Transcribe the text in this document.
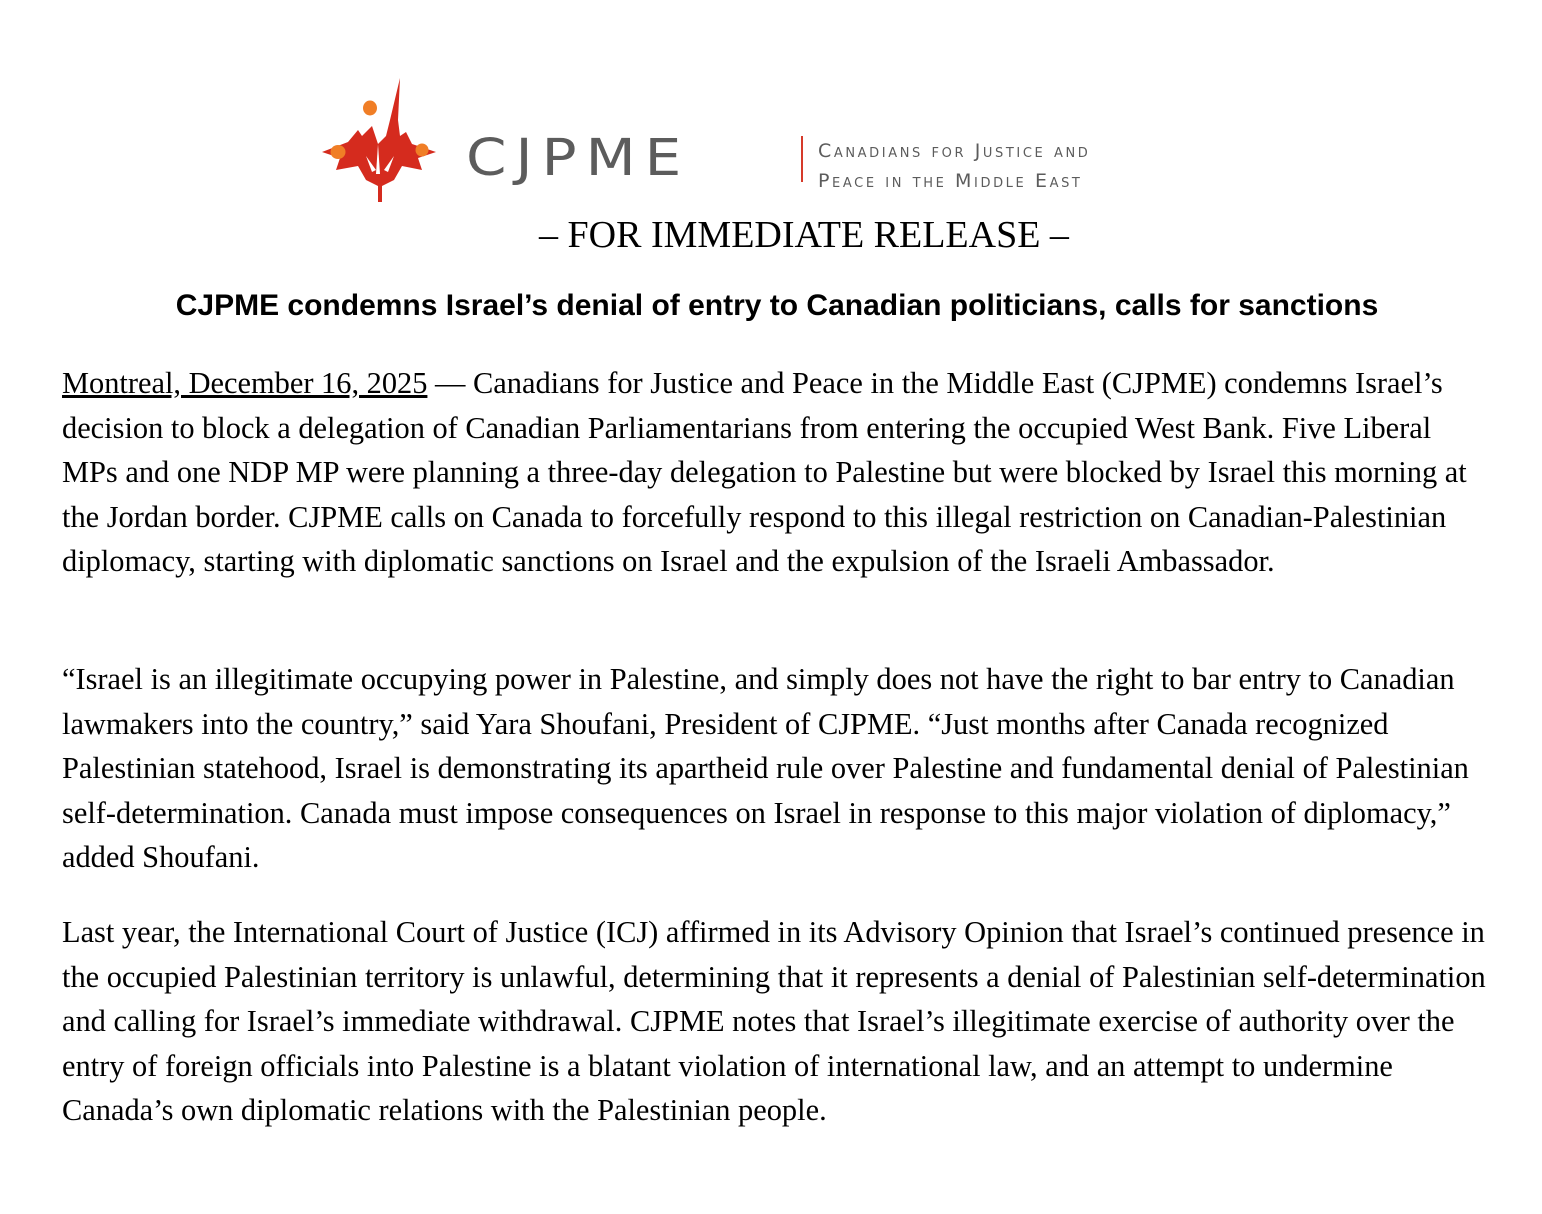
CJPME	Canadians for Justice and
Peace in the Middle East
– FOR IMMEDIATE RELEASE –
CJPME condemns Israel’s denial of entry to Canadian politicians, calls for sanctions

Montreal, December 16, 2025 — Canadians for Justice and Peace in the Middle East (CJPME) condemns Israel’s decision to block a delegation of Canadian Parliamentarians from entering the occupied West Bank. Five Liberal MPs and one NDP MP were planning a three-day delegation to Palestine but were blocked by Israel this morning at the Jordan border. CJPME calls on Canada to forcefully respond to this illegal restriction on Canadian-Palestinian diplomacy, starting with diplomatic sanctions on Israel and the expulsion of the Israeli Ambassador.

“Israel is an illegitimate occupying power in Palestine, and simply does not have the right to bar entry to Canadian lawmakers into the country,” said Yara Shoufani, President of CJPME. “Just months after Canada recognized Palestinian statehood, Israel is demonstrating its apartheid rule over Palestine and fundamental denial of Palestinian self-determination. Canada must impose consequences on Israel in response to this major violation of diplomacy,” added Shoufani.

Last year, the International Court of Justice (ICJ) affirmed in its Advisory Opinion that Israel’s continued presence in the occupied Palestinian territory is unlawful, determining that it represents a denial of Palestinian self-determination and calling for Israel’s immediate withdrawal. CJPME notes that Israel’s illegitimate exercise of authority over the entry of foreign officials into Palestine is a blatant violation of international law, and an attempt to undermine Canada’s own diplomatic relations with the Palestinian people.
